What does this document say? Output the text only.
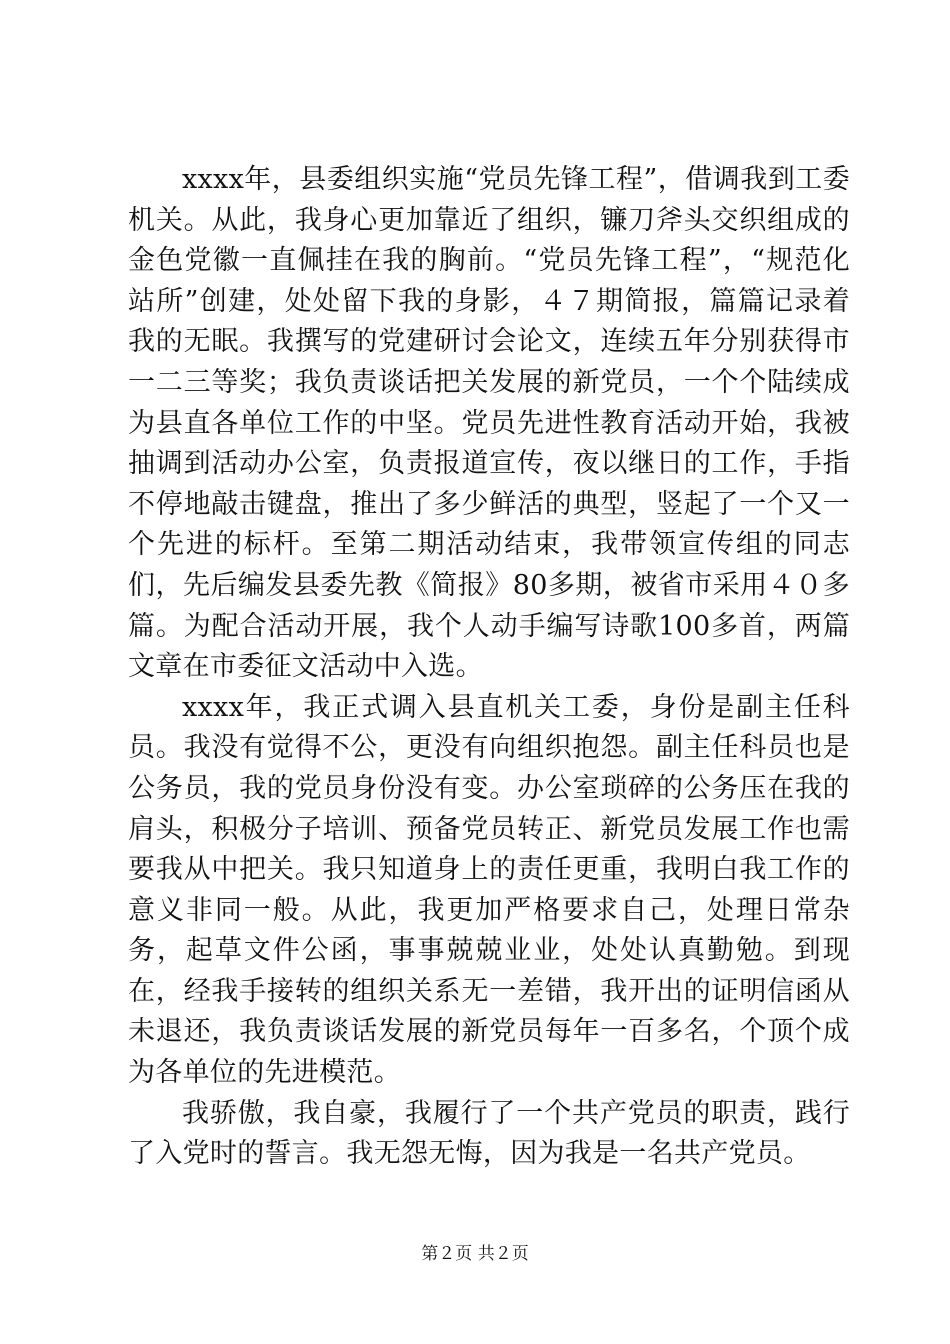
xxxx年，县委组织实施“党员先锋工程”，借调我到工委机关。从此，我身心更加靠近了组织，镰刀斧头交织组成的金色党徽一直佩挂在我的胸前。“党员先锋工程”，“规范化站所”创建，处处留下我的身影，４７期简报，篇篇记录着我的无眠。我撰写的党建研讨会论文，连续五年分别获得市一二三等奖；我负责谈话把关发展的新党员，一个个陆续成为县直各单位工作的中坚。党员先进性教育活动开始，我被抽调到活动办公室，负责报道宣传，夜以继日的工作，手指不停地敲击键盘，推出了多少鲜活的典型，竖起了一个又一个先进的标杆。至第二期活动结束，我带领宣传组的同志们，先后编发县委先教《简报》80多期，被省市采用４０多篇。为配合活动开展，我个人动手编写诗歌100多首，两篇文章在市委征文活动中入选。

xxxx年，我正式调入县直机关工委，身份是副主任科员。我没有觉得不公，更没有向组织抱怨。副主任科员也是公务员，我的党员身份没有变。办公室琐碎的公务压在我的肩头，积极分子培训、预备党员转正、新党员发展工作也需要我从中把关。我只知道身上的责任更重，我明白我工作的意义非同一般。从此，我更加严格要求自己，处理日常杂务，起草文件公函，事事兢兢业业，处处认真勤勉。到现在，经我手接转的组织关系无一差错，我开出的证明信函从未退还，我负责谈话发展的新党员每年一百多名，个顶个成为各单位的先进模范。

我骄傲，我自豪，我履行了一个共产党员的职责，践行了入党时的誓言。我无怨无悔，因为我是一名共产党员。

第２页 共２页
